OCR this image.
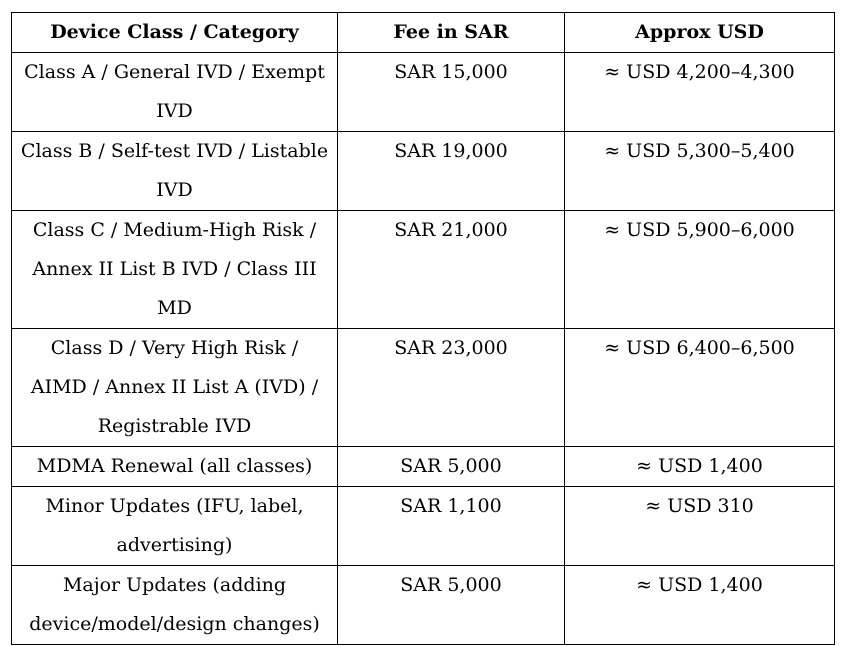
Device Class / Category	Fee in SAR	Approx USD
Class A / General IVD / Exempt IVD	SAR 15,000	≈ USD 4,200–4,300
Class B / Self-test IVD / Listable IVD	SAR 19,000	≈ USD 5,300–5,400
Class C / Medium-High Risk / Annex II List B IVD / Class III MD	SAR 21,000	≈ USD 5,900–6,000
Class D / Very High Risk / AIMD / Annex II List A (IVD) / Registrable IVD	SAR 23,000	≈ USD 6,400–6,500
MDMA Renewal (all classes)	SAR 5,000	≈ USD 1,400
Minor Updates (IFU, label, advertising)	SAR 1,100	≈ USD 310
Major Updates (adding device/model/design changes)	SAR 5,000	≈ USD 1,400
